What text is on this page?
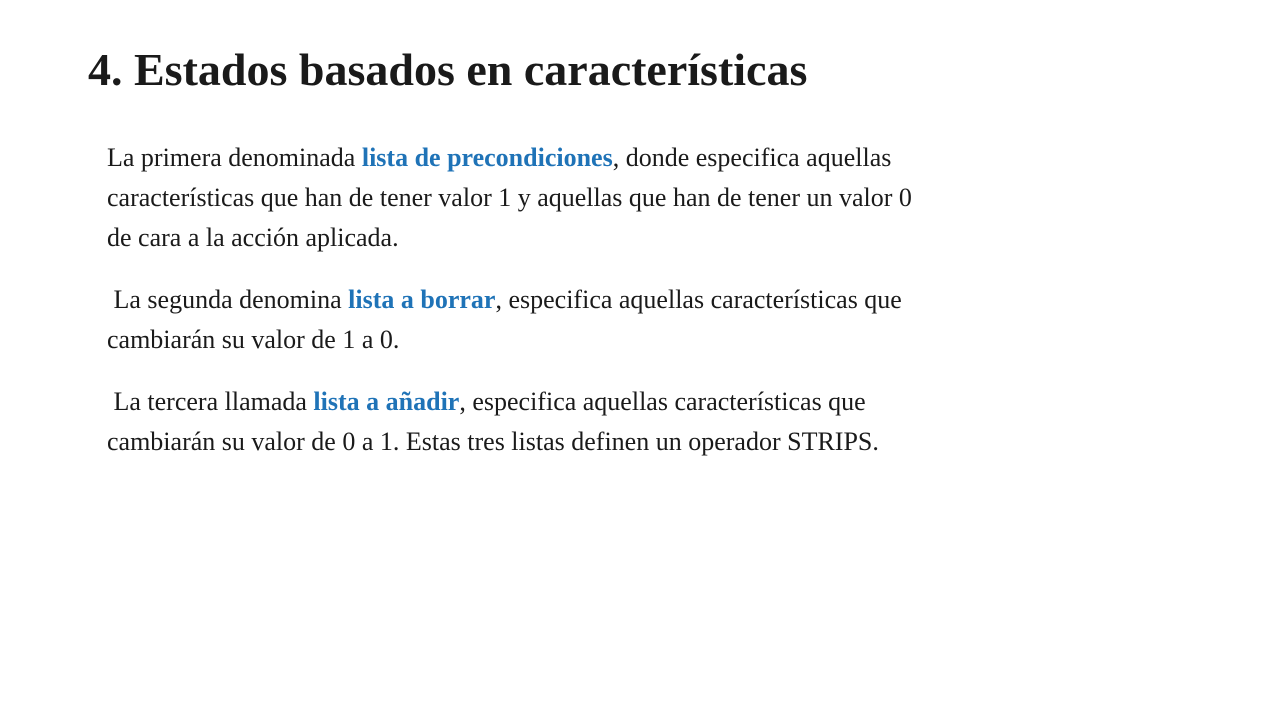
4. Estados basados en características

La primera denominada lista de precondiciones, donde especifica aquellas
características que han de tener valor 1 y aquellas que han de tener un valor 0
de cara a la acción aplicada.

La segunda denomina lista a borrar, especifica aquellas características que
cambiarán su valor de 1 a 0.

La tercera llamada lista a añadir, especifica aquellas características que
cambiarán su valor de 0 a 1. Estas tres listas definen un operador STRIPS.
